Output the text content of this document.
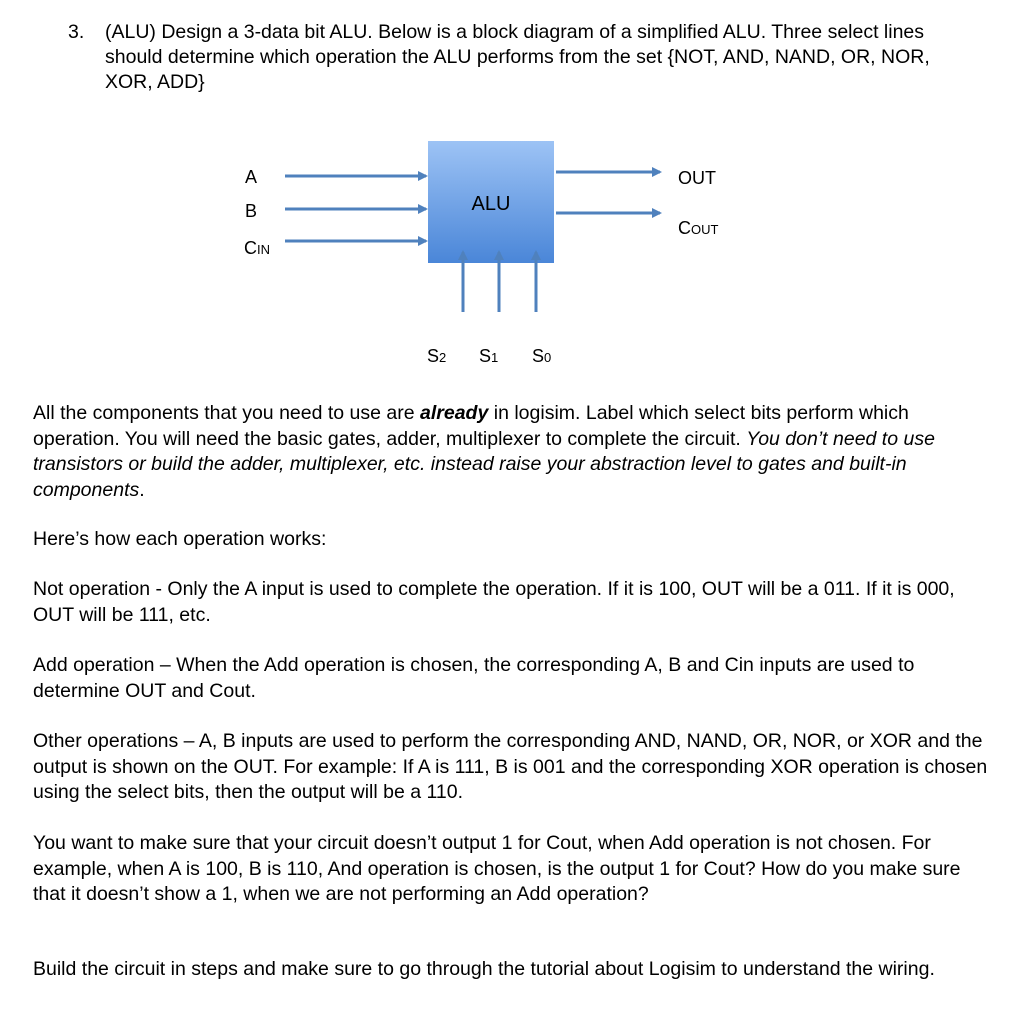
3. (ALU) Design a 3-data bit ALU. Below is a block diagram of a simplified ALU. Three select lines should determine which operation the ALU performs from the set {NOT, AND, NAND, OR, NOR, XOR, ADD}
ALU
A
B
CIN
OUT
COUT
S2 S1 S0
All the components that you need to use are already in logisim. Label which select bits perform which operation. You will need the basic gates, adder, multiplexer to complete the circuit. You don’t need to use transistors or build the adder, multiplexer, etc. instead raise your abstraction level to gates and built-in components.
Here’s how each operation works:
Not operation - Only the A input is used to complete the operation. If it is 100, OUT will be a 011. If it is 000, OUT will be 111, etc.
Add operation – When the Add operation is chosen, the corresponding A, B and Cin inputs are used to determine OUT and Cout.
Other operations – A, B inputs are used to perform the corresponding AND, NAND, OR, NOR, or XOR and the output is shown on the OUT. For example: If A is 111, B is 001 and the corresponding XOR operation is chosen using the select bits, then the output will be a 110.
You want to make sure that your circuit doesn’t output 1 for Cout, when Add operation is not chosen. For example, when A is 100, B is 110, And operation is chosen, is the output 1 for Cout? How do you make sure that it doesn’t show a 1, when we are not performing an Add operation?
Build the circuit in steps and make sure to go through the tutorial about Logisim to understand the wiring.
